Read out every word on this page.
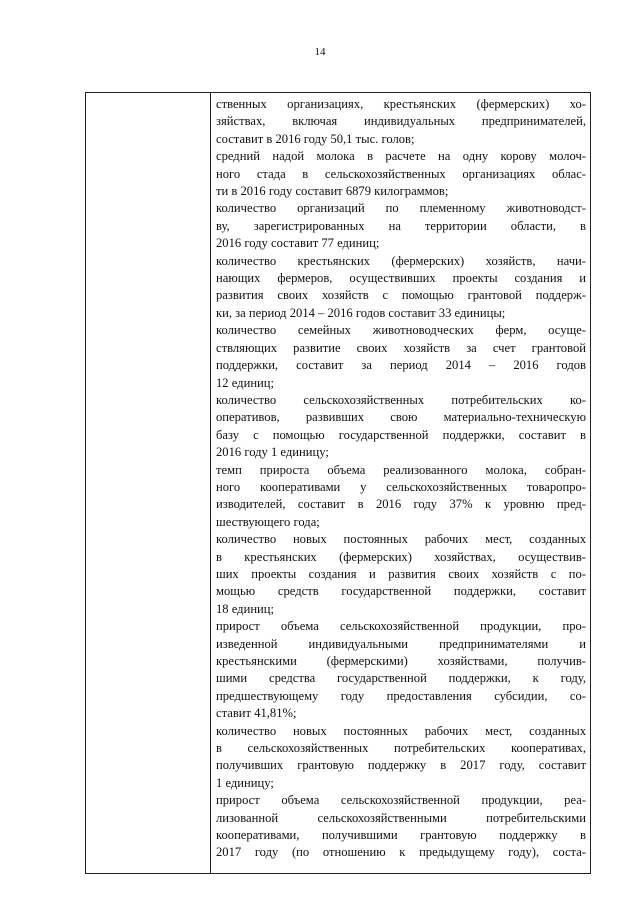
14
ственных организациях, крестьянских (фермерских) хо-
зяйствах, включая индивидуальных предпринимателей,
составит в 2016 году 50,1 тыс. голов;
средний надой молока в расчете на одну корову молоч-
ного стада в сельскохозяйственных организациях облас-
ти в 2016 году составит 6879 килограммов;
количество организаций по племенному животноводст-
ву, зарегистрированных на территории области, в
2016 году составит 77 единиц;
количество крестьянских (фермерских) хозяйств, начи-
нающих фермеров, осуществивших проекты создания и
развития своих хозяйств с помощью грантовой поддерж-
ки, за период 2014 – 2016 годов составит 33 единицы;
количество семейных животноводческих ферм, осуще-
ствляющих развитие своих хозяйств за счет грантовой
поддержки, составит за период 2014 – 2016 годов
12 единиц;
количество сельскохозяйственных потребительских ко-
оперативов, развивших свою материально-техническую
базу с помощью государственной поддержки, составит в
2016 году 1 единицу;
темп прироста объема реализованного молока, собран-
ного кооперативами у сельскохозяйственных товаропро-
изводителей, составит в 2016 году 37% к уровню пред-
шествующего года;
количество новых постоянных рабочих мест, созданных
в крестьянских (фермерских) хозяйствах, осуществив-
ших проекты создания и развития своих хозяйств с по-
мощью средств государственной поддержки, составит
18 единиц;
прирост объема сельскохозяйственной продукции, про-
изведенной индивидуальными предпринимателями и
крестьянскими (фермерскими) хозяйствами, получив-
шими средства государственной поддержки, к году,
предшествующему году предоставления субсидии, со-
ставит 41,81%;
количество новых постоянных рабочих мест, созданных
в сельскохозяйственных потребительских кооперативах,
получивших грантовую поддержку в 2017 году, составит
1 единицу;
прирост объема сельскохозяйственной продукции, реа-
лизованной сельскохозяйственными потребительскими
кооперативами, получившими грантовую поддержку в
2017 году (по отношению к предыдущему году), соста-
